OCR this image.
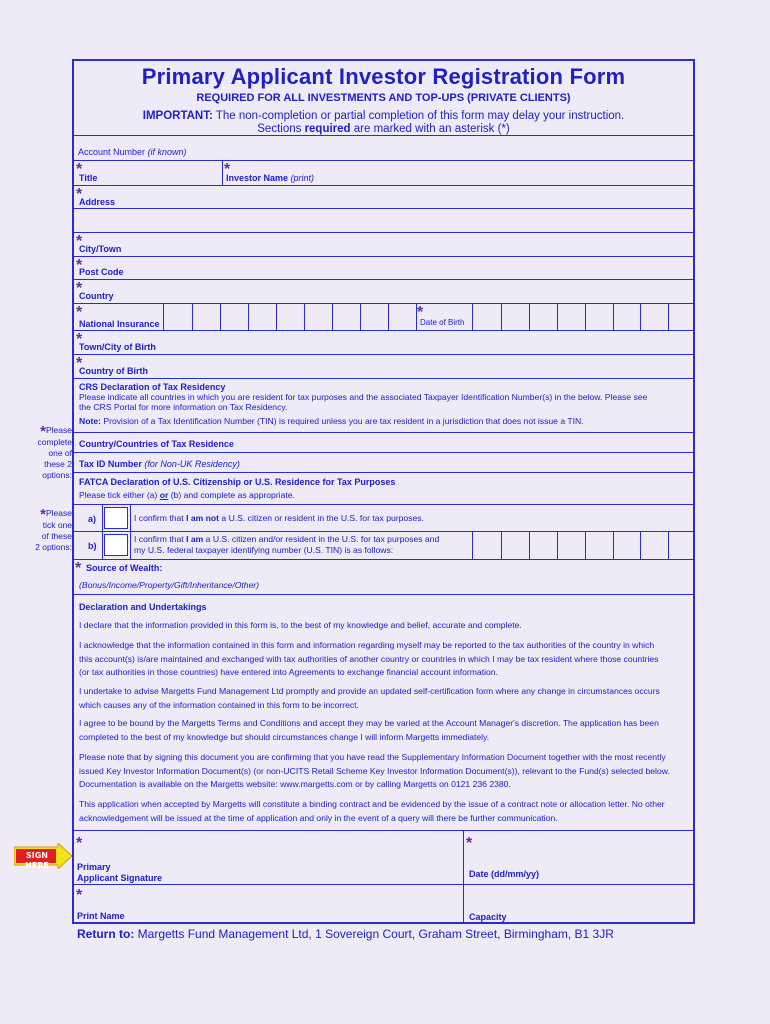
Primary Applicant Investor Registration Form
REQUIRED FOR ALL INVESTMENTS AND TOP-UPS (PRIVATE CLIENTS)
IMPORTANT: The non-completion or partial completion of this form may delay your instruction.
Sections required are marked with an asterisk (*)
Account Number (if known)
*
Title	*
Investor Name (print)
*
Address
*
City/Town
*
Post Code
*
Country
*
National Insurance
*
Date of Birth
*
Town/City of Birth
*
Country of Birth
CRS Declaration of Tax Residency
Please indicate all countries in which you are resident for tax purposes and the associated Taxpayer Identification Number(s) in the below. Please see
the CRS Portal for more information on Tax Residency.
Note: Provision of a Tax Identification Number (TIN) is required unless you are tax resident in a jurisdiction that does not issue a TIN.
Country/Countries of Tax Residence
Tax ID Number (for Non-UK Residency)
*Please
complete
one of
these 2
options:
FATCA Declaration of U.S. Citizenship or U.S. Residence for Tax Purposes
Please tick either (a) or (b) and complete as appropriate.
a)	I confirm that I am not a U.S. citizen or resident in the U.S. for tax purposes.
b)
I confirm that I am a U.S. citizen and/or resident in the U.S. for tax purposes and
my U.S. federal taxpayer identifying number (U.S. TIN) is as follows:
*Please
tick one
of these
2 options:
* Source of Wealth:
(Bonus/Income/Property/Gift/Inheritance/Other)
Declaration and Undertakings
I declare that the information provided in this form is, to the best of my knowledge and belief, accurate and complete.
I acknowledge that the information contained in this form and information regarding myself may be reported to the tax authorities of the country in which
this account(s) is/are maintained and exchanged with tax authorities of another country or countries in which I may be tax resident where those countries
(or tax authorities in those countries) have entered into Agreements to exchange financial account information.
I undertake to advise Margetts Fund Management Ltd promptly and provide an updated self-certification form where any change in circumstances occurs
which causes any of the information contained in this form to be incorrect.
I agree to be bound by the Margetts Terms and Conditions and accept they may be varied at the Account Manager's discretion. The application has been
completed to the best of my knowledge but should circumstances change I will inform Margetts immediately.
Please note that by signing this document you are confirming that you have read the Supplementary Information Document together with the most recently
issued Key Investor Information Document(s) (or non-UCITS Retail Scheme Key Investor Information Document(s)), relevant to the Fund(s) selected below.
Documentation is available on the Margetts website: www.margetts.com or by calling Margetts on 0121 236 2380.
This application when accepted by Margetts will constitute a binding contract and be evidenced by the issue of a contract note or allocation letter. No other
acknowledgement will be issued at the time of application and only in the event of a query will there be further communication.
*
Primary
Applicant Signature
*
Date (dd/mm/yy)
*
Print Name	Capacity
SIGN HERE
Return to: Margetts Fund Management Ltd, 1 Sovereign Court, Graham Street, Birmingham, B1 3JR
